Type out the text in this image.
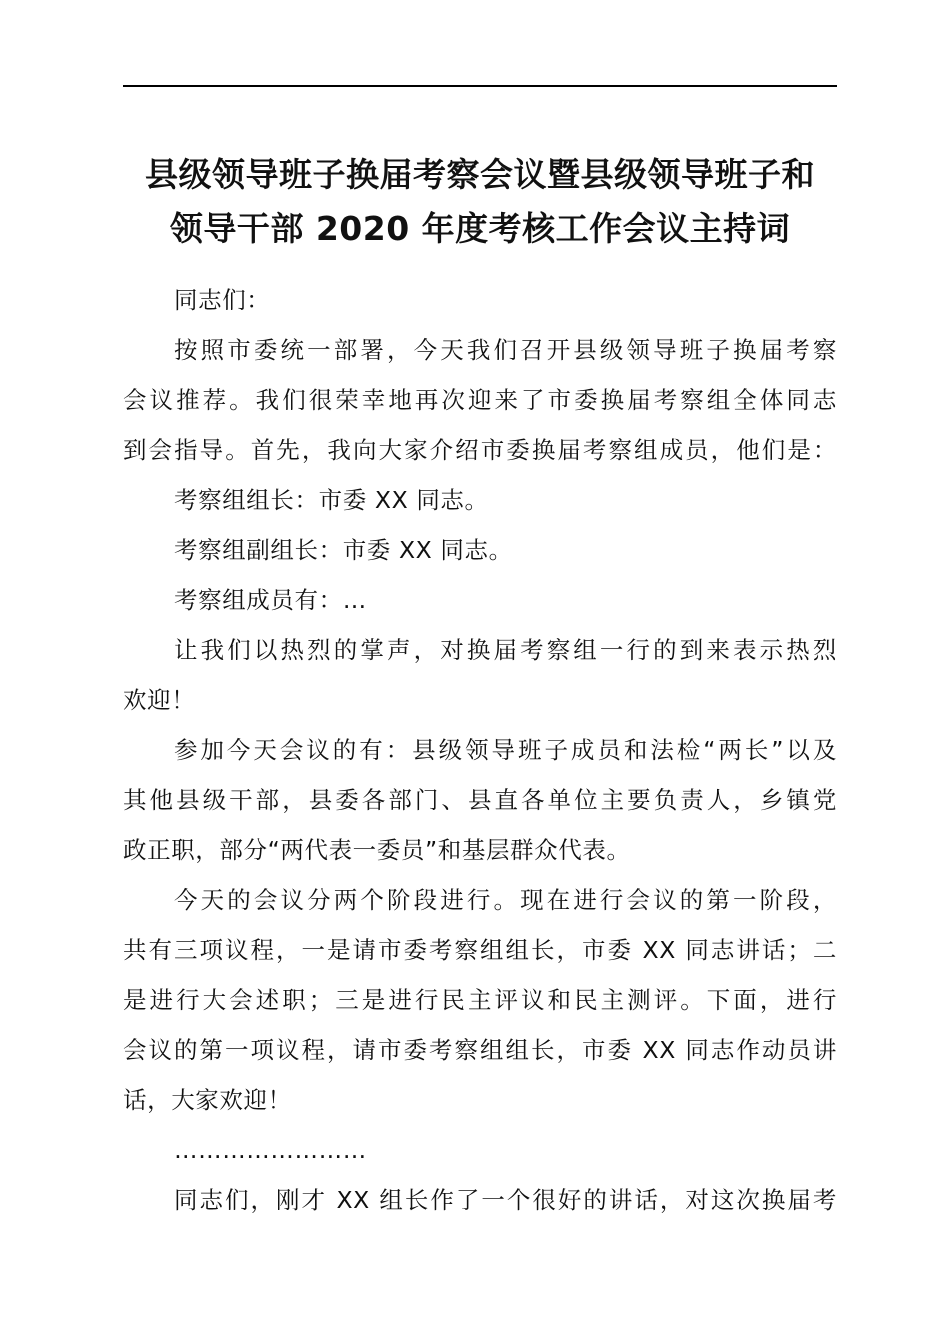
县级领导班子换届考察会议暨县级领导班子和
领导干部 2020 年度考核工作会议主持词

同志们：

按照市委统一部署，今天我们召开县级领导班子换届考察
会议推荐。我们很荣幸地再次迎来了市委换届考察组全体同志
到会指导。首先，我向大家介绍市委换届考察组成员，他们是：

考察组组长：市委 XX 同志。

考察组副组长：市委 XX 同志。

考察组成员有：…

让我们以热烈的掌声，对换届考察组一行的到来表示热烈
欢迎！

参加今天会议的有：县级领导班子成员和法检“两长”以及
其他县级干部，县委各部门、县直各单位主要负责人，乡镇党
政正职，部分“两代表一委员”和基层群众代表。

今天的会议分两个阶段进行。现在进行会议的第一阶段，
共有三项议程，一是请市委考察组组长，市委 XX 同志讲话；二
是进行大会述职；三是进行民主评议和民主测评。下面，进行
会议的第一项议程，请市委考察组组长，市委 XX 同志作动员讲
话，大家欢迎！

……………………

同志们，刚才 XX 组长作了一个很好的讲话，对这次换届考
